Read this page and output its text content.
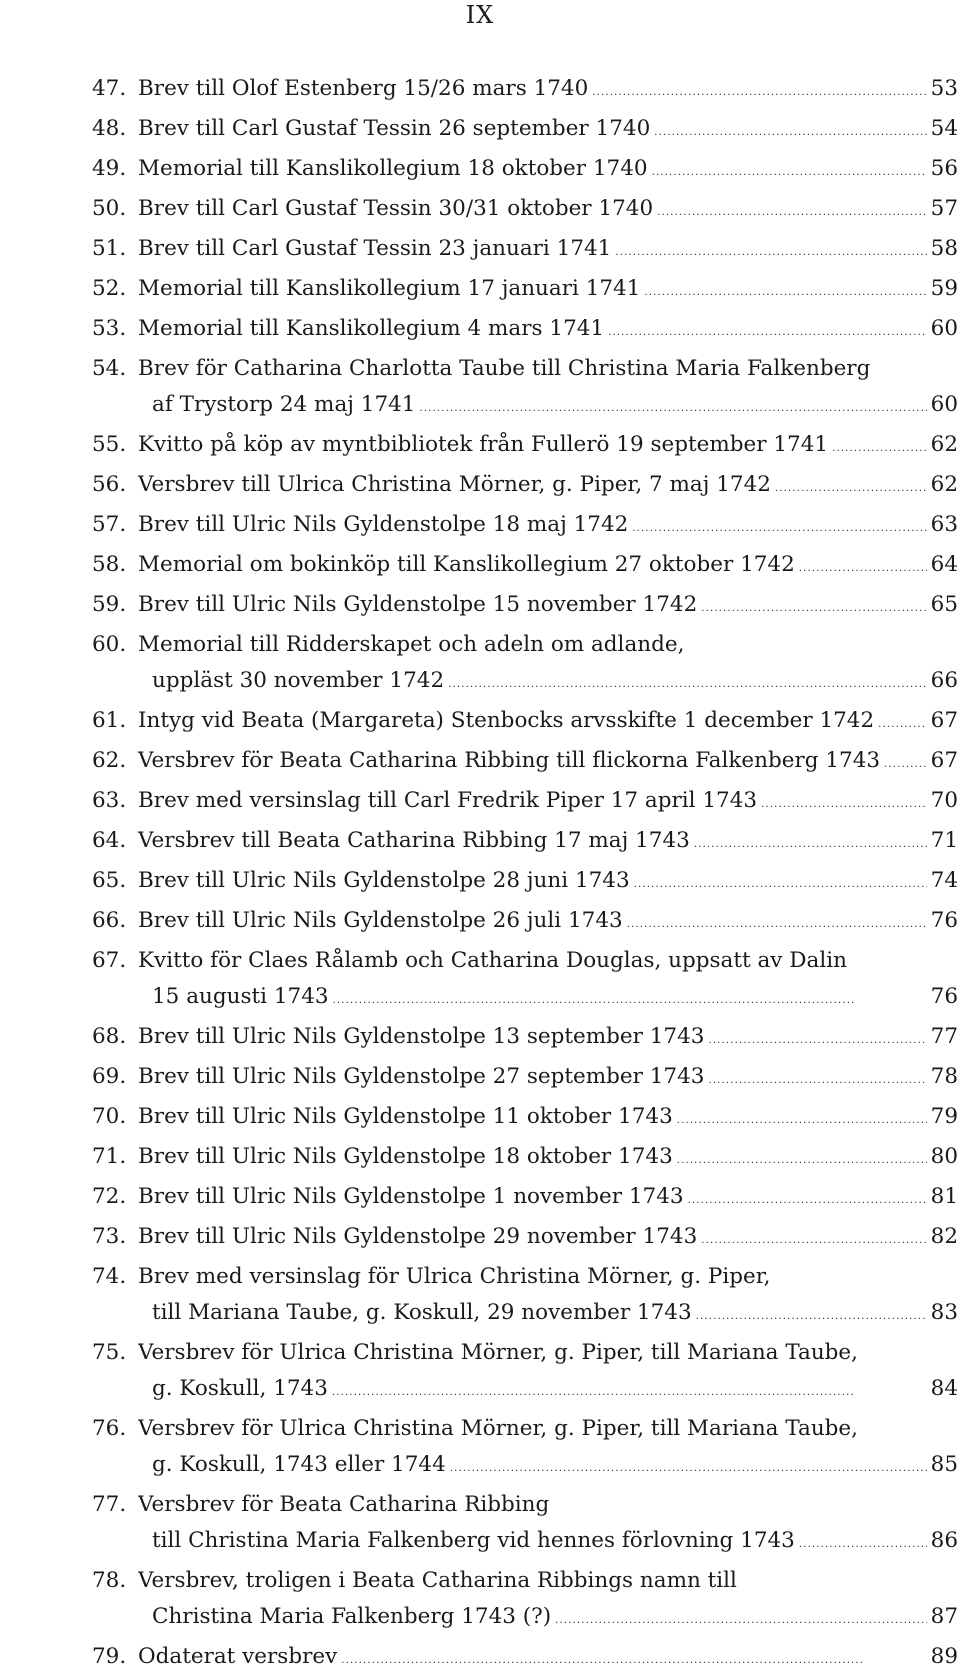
IX
47. Brev till Olof Estenberg 15/26 mars 1740 . . .	53
48. Brev till Carl Gustaf Tessin 26 september 1740 . . .	54
49. Memorial till Kanslikollegium 18 oktober 1740 . . .	56
50. Brev till Carl Gustaf Tessin 30/31 oktober 1740 . . .	57
51. Brev till Carl Gustaf Tessin 23 januari 1741 . . .	58
52. Memorial till Kanslikollegium 17 januari 1741 . . .	59
53. Memorial till Kanslikollegium 4 mars 1741 . . .	60
54. Brev för Catharina Charlotta Taube till Christina Maria Falkenberg
af Trystorp 24 maj 1741 . . .	60
55. Kvitto på köp av myntbibliotek från Fullerö 19 september 1741 . . .	62
56. Versbrev till Ulrica Christina Mörner, g. Piper, 7 maj 1742 . . .	62
57. Brev till Ulric Nils Gyldenstolpe 18 maj 1742 . . .	63
58. Memorial om bokinköp till Kanslikollegium 27 oktober 1742 . . .	64
59. Brev till Ulric Nils Gyldenstolpe 15 november 1742 . . .	65
60. Memorial till Ridderskapet och adeln om adlande,
uppläst 30 november 1742 . . .	66
61. Intyg vid Beata (Margareta) Stenbocks arvsskifte 1 december 1742 . . .	67
62. Versbrev för Beata Catharina Ribbing till flickorna Falkenberg 1743 . . . 67
63. Brev med versinslag till Carl Fredrik Piper 17 april 1743 . . .	70
64. Versbrev till Beata Catharina Ribbing 17 maj 1743 . . .	71
65. Brev till Ulric Nils Gyldenstolpe 28 juni 1743 . . .	74
66. Brev till Ulric Nils Gyldenstolpe 26 juli 1743 . . .	76
67. Kvitto för Claes Rålamb och Catharina Douglas, uppsatt av Dalin
15 augusti 1743 . . .	76
68. Brev till Ulric Nils Gyldenstolpe 13 september 1743 . . .	77
69. Brev till Ulric Nils Gyldenstolpe 27 september 1743 . . .	78
70. Brev till Ulric Nils Gyldenstolpe 11 oktober 1743 . . .	79
71. Brev till Ulric Nils Gyldenstolpe 18 oktober 1743 . . .	80
72. Brev till Ulric Nils Gyldenstolpe 1 november 1743 . . .	81
73. Brev till Ulric Nils Gyldenstolpe 29 november 1743 . . .	82
74. Brev med versinslag för Ulrica Christina Mörner, g. Piper,
till Mariana Taube, g. Koskull, 29 november 1743 . . .	83
75. Versbrev för Ulrica Christina Mörner, g. Piper, till Mariana Taube,
g. Koskull, 1743 . . .	84
76. Versbrev för Ulrica Christina Mörner, g. Piper, till Mariana Taube,
g. Koskull, 1743 eller 1744 . . .	85
77. Versbrev för Beata Catharina Ribbing
till Christina Maria Falkenberg vid hennes förlovning 1743 . . .	86
78. Versbrev, troligen i Beata Catharina Ribbings namn till
Christina Maria Falkenberg 1743 (?) . . .	87
79. Odaterat versbrev . . .	89
